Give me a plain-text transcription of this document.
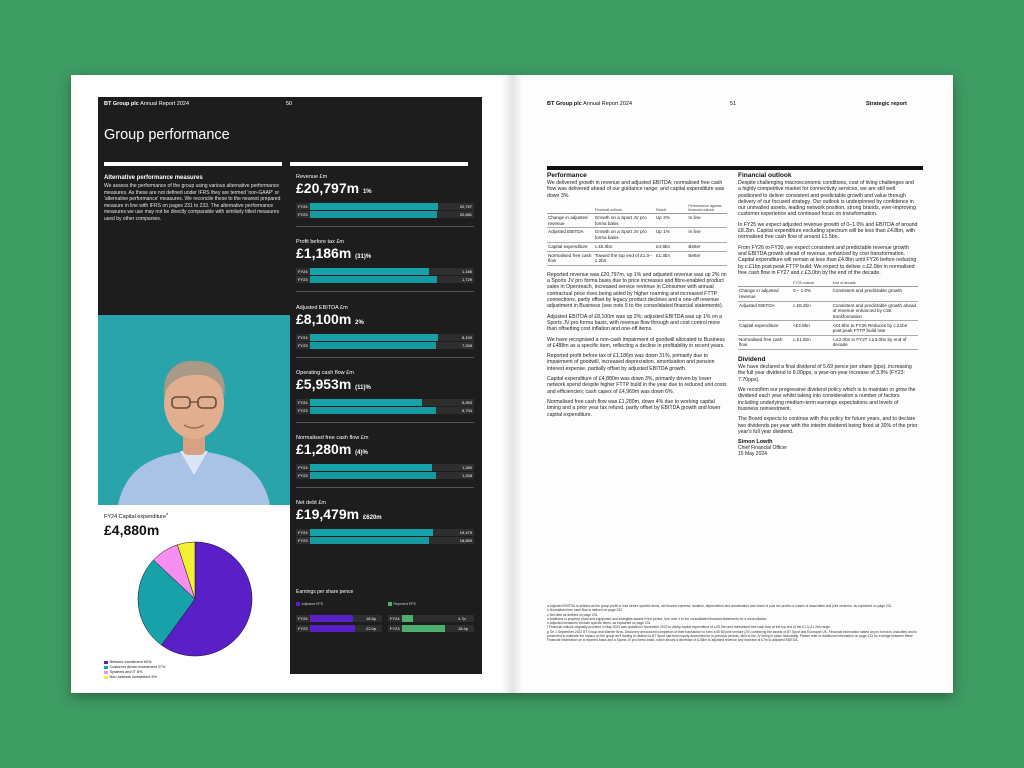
BT Group plc Annual Report 2024	50
Group performance
Alternative performance measures
We assess the performance of the group using various alternative performance measures. As these are not defined under IFRS they are termed 'non-GAAP' or 'alternative performance' measures. We reconcile these to the nearest prepared measure in line with IFRS on pages 231 to 233. The alternative performance measures we use may not be directly comparable with similarly titled measures used by other companies.
FY24 Capital expenditure$^d$
£4,880m
Network investment 60%
Customer driven investment 27%
Systems and IT 8%
Non-network investment 5%
Revenue £m
£20,797m 1%
FY24	20,797
FY23	20,681
Profit before tax £m
£1,186m (31)%
FY24	1,186
FY23	1,729
Adjusted EBITDA £m
£8,100m 2%
FY24	8,100
FY23	7,928
Operating cash flow £m
£5,953m (11)%
FY24	5,953
FY23	6,734
Normalised free cash flow £m
£1,280m (4)%
FY24	1,280
FY23	1,328
Net debt £m
£19,479m £620m
FY24	19,479
FY23	18,859
Earnings per share pence
Adjusted EPS	Reported EPS
FY24	18.5p
FY23	22.0p
FY24	4.7p
FY23	18.4p
BT Group plc Annual Report 2024	51	Strategic report
Performance
We delivered growth in revenue and adjusted EBITDA; normalised free cash flow was delivered ahead of our guidance range; and capital expenditure was down 3%.
	Financial outlook	Result	Performance against financial outlook
Change in adjusted revenue	Growth on a Sport JV pro forma basis	Up 2%	In line
Adjusted EBITDA	Growth on a Sport JV pro forma basis	Up 1%	In line
Capital expenditure	c.£5.0bn	£4.9bn	Better
Normalised free cash flow	Toward the top end of £1.0–1.2bn	£1.3bn	Better
Reported revenue was £20,797m, up 1% and adjusted revenue was up 2% on a Sports JV pro forma basis due to price increases and fibre-enabled product sales in Openreach, increased service revenue in Consumer with annual contractual price rises being aided by higher roaming and increased FTTP connections, partly offset by legacy product declines and a one-off revenue adjustment in Business (see note 5 to the consolidated financial statements).
Adjusted EBITDA of £8,100m was up 2%; adjusted EBITDA was up 1% on a Sports JV pro forma basis, with revenue flow through and cost control more than offsetting cost inflation and one-off items.
We have recognised a non-cash impairment of goodwill allocated to Business of £488m as a specific item, reflecting a decline in profitability in recent years.
Reported profit before tax of £1,186m was down 31%, primarily due to impairment of goodwill, increased depreciation, amortisation and pension interest expense, partially offset by adjusted EBITDA growth.
Capital expenditure of £4,880m was down 3%, primarily driven by lower network spend despite higher FTTP build in the year due to reduced unit costs and efficiencies; cash capex of £4,969m was down 6%.
Normalised free cash flow was £1,280m, down 4% due to working capital timing and a prior year tax refund, partly offset by EBITDA growth and lower capital expenditure.
Financial outlook
Despite challenging macroeconomic conditions, cost of living challenges and a highly competitive market for connectivity services, we are still well positioned to deliver consistent and predictable growth and value through delivery of our focused strategy. Our outlook is underpinned by confidence in our unrivalled assets, leading network position, strong brands, ever-improving customer experience and continued focus on transformation.
In FY25 we expect adjusted revenue growth of 0–1.0% and EBITDA of around £8.2bn. Capital expenditure excluding spectrum will be less than £4.8bn, with normalised free cash flow of around £1.5bn.
From FY26 to FY30, we expect consistent and predictable revenue growth and EBITDA growth ahead of revenue, enhanced by cost transformation. Capital expenditure will remain at less than £4.8bn until FY26 before reducing by c.£1bn post peak FTTP build. We expect to deliver c.£2.0bn in normalised free cash flow in FY27 and c.£3.0bn by the end of the decade.
	FY25 outlook	End of decade
Change in adjusted revenue	0 – 1.0%	Consistent and predictable growth
Adjusted EBITDA	c.£8.2bn	Consistent and predictable growth ahead of revenue enhanced by cost transformation
Capital expenditure	<£4.8bn	<£4.8bn to FY26 Reduces by c.£1bn post peak FTTP build rate
Normalised free cash flow	c.£1.5bn	c.£2.0bn in FY27 c.£3.0bn by end of decade
Dividend
We have declared a final dividend of 5.69 pence per share (pps), increasing the full year dividend to 8.00pps, a year-on-year increase of 3.9% (FY23: 7.70pps).
We reconfirm our progressive dividend policy which is to maintain or grow the dividend each year whilst taking into consideration a number of factors including underlying medium-term earnings expectations and levels of business reinvestment.
The Board expects to continue with this policy for future years, and to declare two dividends per year with the interim dividend being fixed at 30% of the prior year's full year dividend.
Simon Lowth
Chief Financial Officer
15 May 2024
a Adjusted EBITDA is defined as the group profit or loss before specific items, net finance expense, taxation, depreciation and amortisation and share of post tax profits or losses of associates and joint ventures, as explained on page 231.
b Normalised free cash flow is defined on page 232.
c Net debt as defined on page 231.
d Additions to property, plant and equipment and intangible assets in the period. See note 4 to the consolidated financial statements for a reconciliation.
e Adjusted measures exclude specific items, as explained on page 231.
f Financial outlook originally provided in May 2023 was updated in November 2023 to clarify capital expenditure of c.£5.0bn and normalised free cash flow at the top end of the £1.0–£1.2bn range.
g On 1 September 2022 BT Group and Warner Bros. Discovery announced completion of their transaction to form a 50:50 joint venture (JV) combining the assets of BT Sport and Eurosport UK. Financial information stated as pro forma is unaudited and is presented to estimate the impact on the group as if trading in relation to BT Sport had been equity accounted for in previous periods, akin to the JV being in place historically. Please refer to Additional information on page 233 for a bridge between these Financial information on a reported basis and a Sports JV pro forma basis, which shows a decrease of £238m to adjusted revenue and increase of £7m to adjusted EBITDA.
